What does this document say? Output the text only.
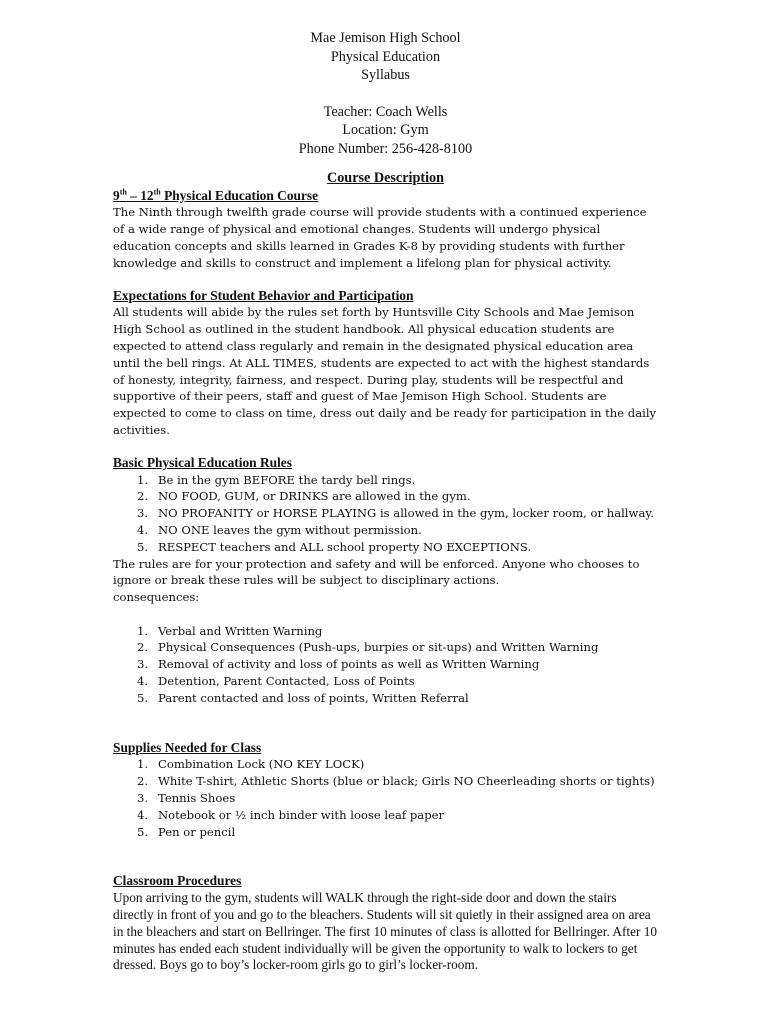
Mae Jemison High School
Physical Education
Syllabus
Teacher: Coach Wells
Location: Gym
Phone Number: 256-428-8100
Course Description
9th – 12th Physical Education Course

The Ninth through twelfth grade course will provide students with a continued experience of a wide range of physical and emotional changes. Students will undergo physical education concepts and skills learned in Grades K-8 by providing students with further knowledge and skills to construct and implement a lifelong plan for physical activity.

Expectations for Student Behavior and Participation

All students will abide by the rules set forth by Huntsville City Schools and Mae Jemison High School as outlined in the student handbook. All physical education students are expected to attend class regularly and remain in the designated physical education area until the bell rings. At ALL TIMES, students are expected to act with the highest standards of honesty, integrity, fairness, and respect. During play, students will be respectful and supportive of their peers, staff and guest of Mae Jemison High School. Students are expected to come to class on time, dress out daily and be ready for participation in the daily activities.

Basic Physical Education Rules
1. Be in the gym BEFORE the tardy bell rings.
2. NO FOOD, GUM, or DRINKS are allowed in the gym.
3. NO PROFANITY or HORSE PLAYING is allowed in the gym, locker room, or hallway.
4. NO ONE leaves the gym without permission.
5. RESPECT teachers and ALL school property NO EXCEPTIONS.

The rules are for your protection and safety and will be enforced. Anyone who chooses to ignore or break these rules will be subject to disciplinary actions.

consequences:

1. Verbal and Written Warning
2. Physical Consequences (Push-ups, burpies or sit-ups) and Written Warning
3. Removal of activity and loss of points as well as Written Warning
4. Detention, Parent Contacted, Loss of Points
5. Parent contacted and loss of points, Written Referral
Supplies Needed for Class
1. Combination Lock (NO KEY LOCK)
2. White T-shirt, Athletic Shorts (blue or black; Girls NO Cheerleading shorts or tights)
3. Tennis Shoes
4. Notebook or ½ inch binder with loose leaf paper
5. Pen or pencil
Classroom Procedures

Upon arriving to the gym, students will WALK through the right-side door and down the stairs directly in front of you and go to the bleachers. Students will sit quietly in their assigned area on area in the bleachers and start on Bellringer. The first 10 minutes of class is allotted for Bellringer. After 10 minutes has ended each student individually will be given the opportunity to walk to lockers to get dressed. Boys go to boy’s locker-room girls go to girl’s locker-room.
